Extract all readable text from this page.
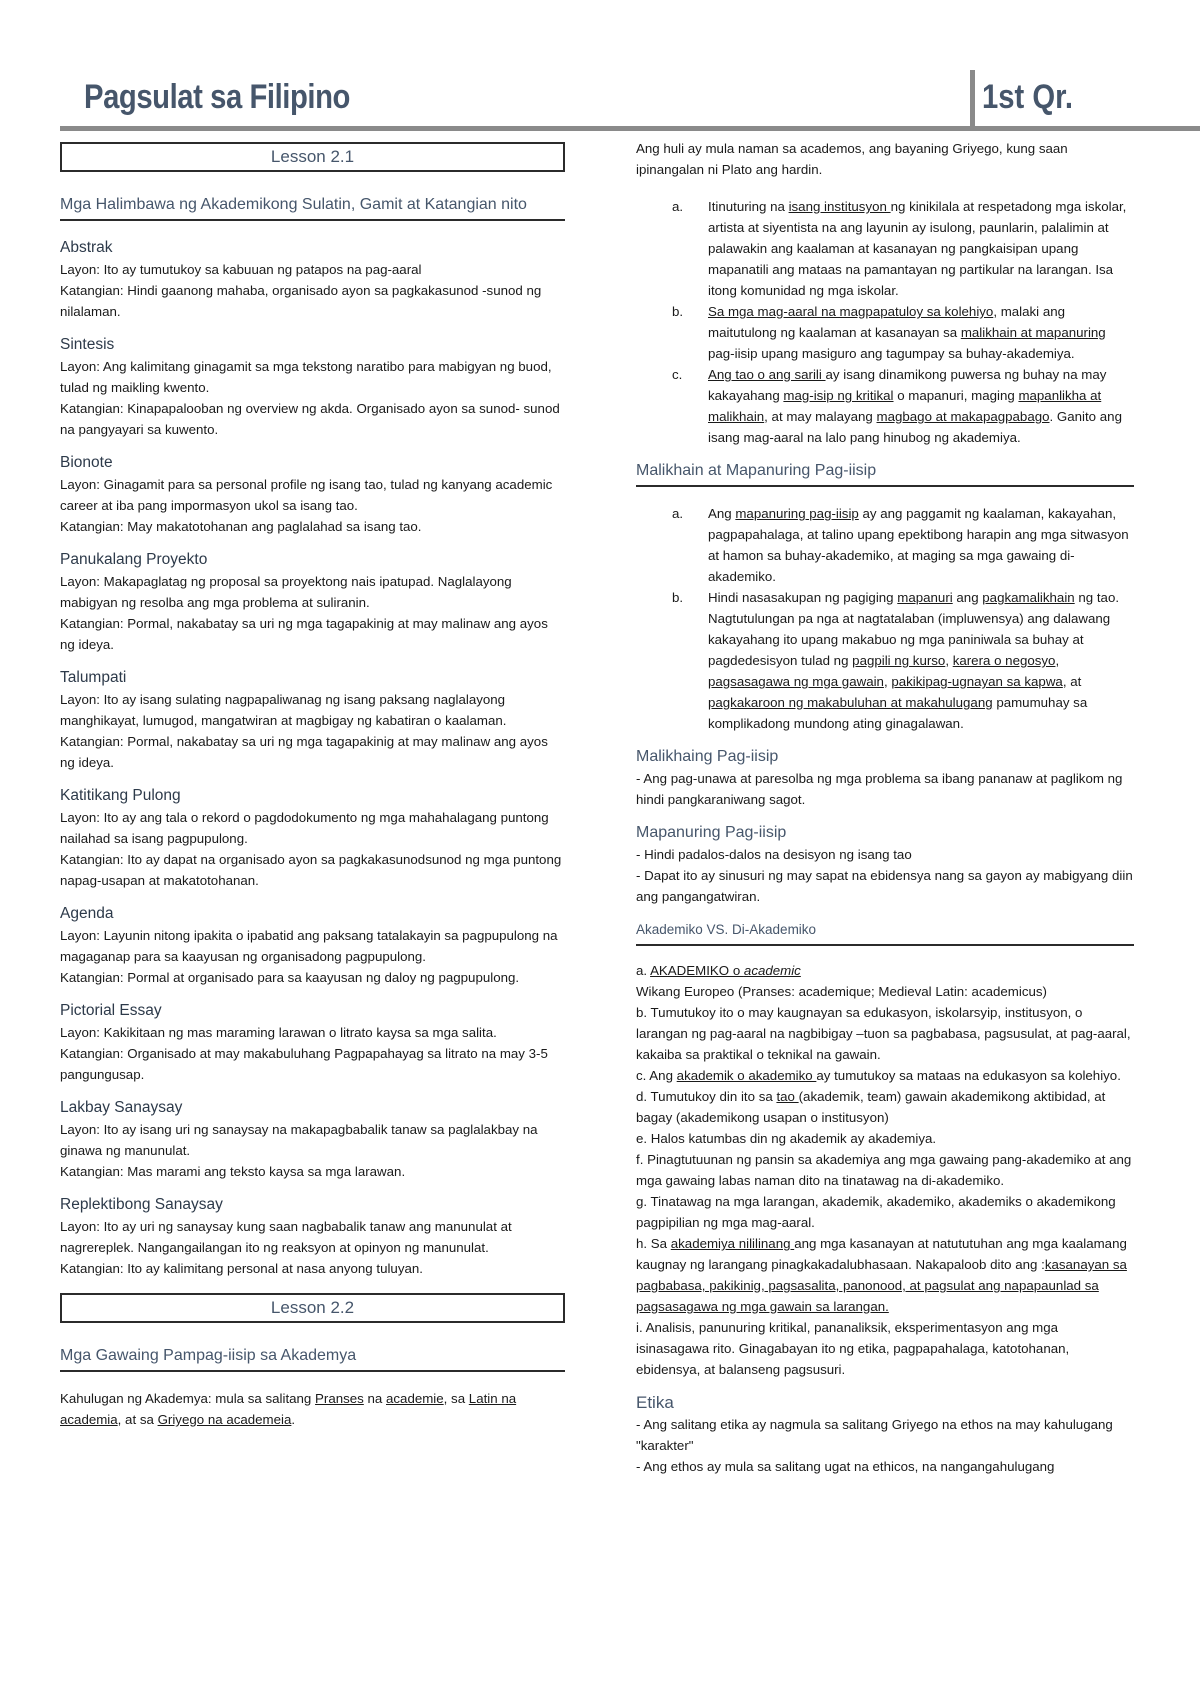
Pagsulat sa Filipino	1st Qr.
Lesson 2.1
Mga Halimbawa ng Akademikong Sulatin, Gamit at Katangian nito
Abstrak
Layon: Ito ay tumutukoy sa kabuuan ng patapos na pag-aaral
Katangian: Hindi gaanong mahaba, organisado ayon sa pagkakasunod -sunod ng nilalaman.
Sintesis
Layon: Ang kalimitang ginagamit sa mga tekstong naratibo para mabigyan ng buod, tulad ng maikling kwento.
Katangian: Kinapapalooban ng overview ng akda. Organisado ayon sa sunod- sunod na pangyayari sa kuwento.
Bionote
Layon: Ginagamit para sa personal profile ng isang tao, tulad ng kanyang academic career at iba pang impormasyon ukol sa isang tao.
Katangian: May makatotohanan ang paglalahad sa isang tao.
Panukalang Proyekto
Layon: Makapaglatag ng proposal sa proyektong nais ipatupad. Naglalayong mabigyan ng resolba ang mga problema at suliranin.
Katangian: Pormal, nakabatay sa uri ng mga tagapakinig at may malinaw ang ayos ng ideya.
Talumpati
Layon: Ito ay isang sulating nagpapaliwanag ng isang paksang naglalayong manghikayat, lumugod, mangatwiran at magbigay ng kabatiran o kaalaman.
Katangian: Pormal, nakabatay sa uri ng mga tagapakinig at may malinaw ang ayos ng ideya.
Katitikang Pulong
Layon: Ito ay ang tala o rekord o pagdodokumento ng mga mahahalagang puntong nailahad sa isang pagpupulong.
Katangian: Ito ay dapat na organisado ayon sa pagkakasunodsunod ng mga puntong napag-usapan at makatotohanan.
Agenda
Layon: Layunin nitong ipakita o ipabatid ang paksang tatalakayin sa pagpupulong na magaganap para sa kaayusan ng organisadong pagpupulong.
Katangian: Pormal at organisado para sa kaayusan ng daloy ng pagpupulong.
Pictorial Essay
Layon: Kakikitaan ng mas maraming larawan o litrato kaysa sa mga salita.
Katangian: Organisado at may makabuluhang Pagpapahayag sa litrato na may 3-5 pangungusap.
Lakbay Sanaysay
Layon: Ito ay isang uri ng sanaysay na makapagbabalik tanaw sa paglalakbay na ginawa ng manunulat.
Katangian: Mas marami ang teksto kaysa sa mga larawan.
Replektibong Sanaysay
Layon: Ito ay uri ng sanaysay kung saan nagbabalik tanaw ang manunulat at nagrereplek. Nangangailangan ito ng reaksyon at opinyon ng manunulat.
Katangian: Ito ay kalimitang personal at nasa anyong tuluyan.
Lesson 2.2
Mga Gawaing Pampag-iisip sa Akademya
Kahulugan ng Akademya: mula sa salitang Pranses na academie, sa Latin na academia, at sa Griyego na academeia.
Ang huli ay mula naman sa academos, ang bayaning Griyego, kung saan ipinangalan ni Plato ang hardin.
a. Itinuturing na isang institusyon ng kinikilala at respetadong mga iskolar, artista at siyentista na ang layunin ay isulong, paunlarin, palalimin at palawakin ang kaalaman at kasanayan ng pangkaisipan upang mapanatili ang mataas na pamantayan ng partikular na larangan. Isa itong komunidad ng mga iskolar.
b. Sa mga mag-aaral na magpapatuloy sa kolehiyo, malaki ang maitutulong ng kaalaman at kasanayan sa malikhain at mapanuring pag-iisip upang masiguro ang tagumpay sa buhay-akademiya.
c. Ang tao o ang sarili ay isang dinamikong puwersa ng buhay na may kakayahang mag-isip ng kritikal o mapanuri, maging mapanlikha at malikhain, at may malayang magbago at makapagpabago. Ganito ang isang mag-aaral na lalo pang hinubog ng akademiya.
Malikhain at Mapanuring Pag-iisip
a. Ang mapanuring pag-iisip ay ang paggamit ng kaalaman, kakayahan, pagpapahalaga, at talino upang epektibong harapin ang mga sitwasyon at hamon sa buhay-akademiko, at maging sa mga gawaing di- akademiko.
b. Hindi nasasakupan ng pagiging mapanuri ang pagkamalikhain ng tao. Nagtutulungan pa nga at nagtatalaban (impluwensya) ang dalawang kakayahang ito upang makabuo ng mga paniniwala sa buhay at pagdedesisyon tulad ng pagpili ng kurso, karera o negosyo, pagsasagawa ng mga gawain, pakikipag-ugnayan sa kapwa, at pagkakaroon ng makabuluhan at makahulugang pamumuhay sa komplikadong mundong ating ginagalawan.
Malikhaing Pag-iisip
- Ang pag-unawa at paresolba ng mga problema sa ibang pananaw at paglikom ng hindi pangkaraniwang sagot.
Mapanuring Pag-iisip
- Hindi padalos-dalos na desisyon ng isang tao
- Dapat ito ay sinusuri ng may sapat na ebidensya nang sa gayon ay mabigyang diin ang pangangatwiran.
Akademiko VS. Di-Akademiko
a. AKADEMIKO o academic
Wikang Europeo (Pranses: academique; Medieval Latin: academicus)
b. Tumutukoy ito o may kaugnayan sa edukasyon, iskolarsyip, institusyon, o larangan ng pag-aaral na nagbibigay –tuon sa pagbabasa, pagsusulat, at pag-aaral, kakaiba sa praktikal o teknikal na gawain.
c. Ang akademik o akademiko ay tumutukoy sa mataas na edukasyon sa kolehiyo.
d. Tumutukoy din ito sa tao (akademik, team) gawain akademikong aktibidad, at bagay (akademikong usapan o institusyon)
e. Halos katumbas din ng akademik ay akademiya.
f. Pinagtutuunan ng pansin sa akademiya ang mga gawaing pang-akademiko at ang mga gawaing labas naman dito na tinatawag na di-akademiko.
g. Tinatawag na mga larangan, akademik, akademiko, akademiks o akademikong pagpipilian ng mga mag-aaral.
h. Sa akademiya nililinang ang mga kasanayan at natututuhan ang mga kaalamang kaugnay ng larangang pinagkakadalubhasaan. Nakapaloob dito ang :kasanayan sa pagbabasa, pakikinig, pagsasalita, panonood, at pagsulat ang napapaunlad sa pagsasagawa ng mga gawain sa larangan.
i. Analisis, panunuring kritikal, pananaliksik, eksperimentasyon ang mga isinasagawa rito. Ginagabayan ito ng etika, pagpapahalaga, katotohanan, ebidensya, at balanseng pagsusuri.
Etika
- Ang salitang etika ay nagmula sa salitang Griyego na ethos na may kahulugang "karakter"
- Ang ethos ay mula sa salitang ugat na ethicos, na nangangahulugang
